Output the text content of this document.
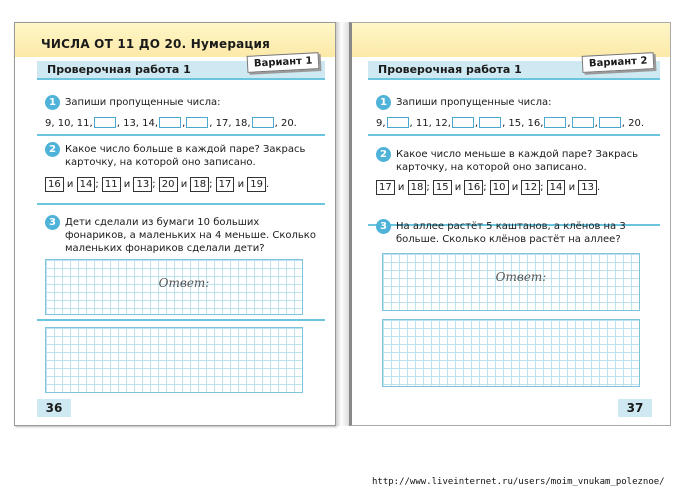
ЧИСЛА ОТ 11 ДО 20. Нумерация
Проверочная работа 1	Вариант 1
1 Запиши пропущенные числа:
9, 10, 11, , 13, 14, , , 17, 18, , 20.
2 Какое число больше в каждой паре? Закрась карточку, на которой оно записано.
16 и 14 ; 11 и 13 ; 20 и 18 ; 17 и 19 .
3 Дети сделали из бумаги 10 больших фонариков, а маленьких на 4 меньше. Сколько маленьких фонариков сделали дети?
Ответ:
36
Проверочная работа 1	Вариант 2
1 Запиши пропущенные числа:
9, , 11, 12, , , 15, 16, , , , 20.
2 Какое число меньше в каждой паре? Закрась карточку, на которой оно записано.
17 и 18 ; 15 и 16 ; 10 и 12 ; 14 и 13 .
3 На аллее растёт 5 каштанов, а клёнов на 3 больше. Сколько клёнов растёт на аллее?
Ответ:
37
http://www.liveinternet.ru/users/moim_vnukam_poleznoe/
